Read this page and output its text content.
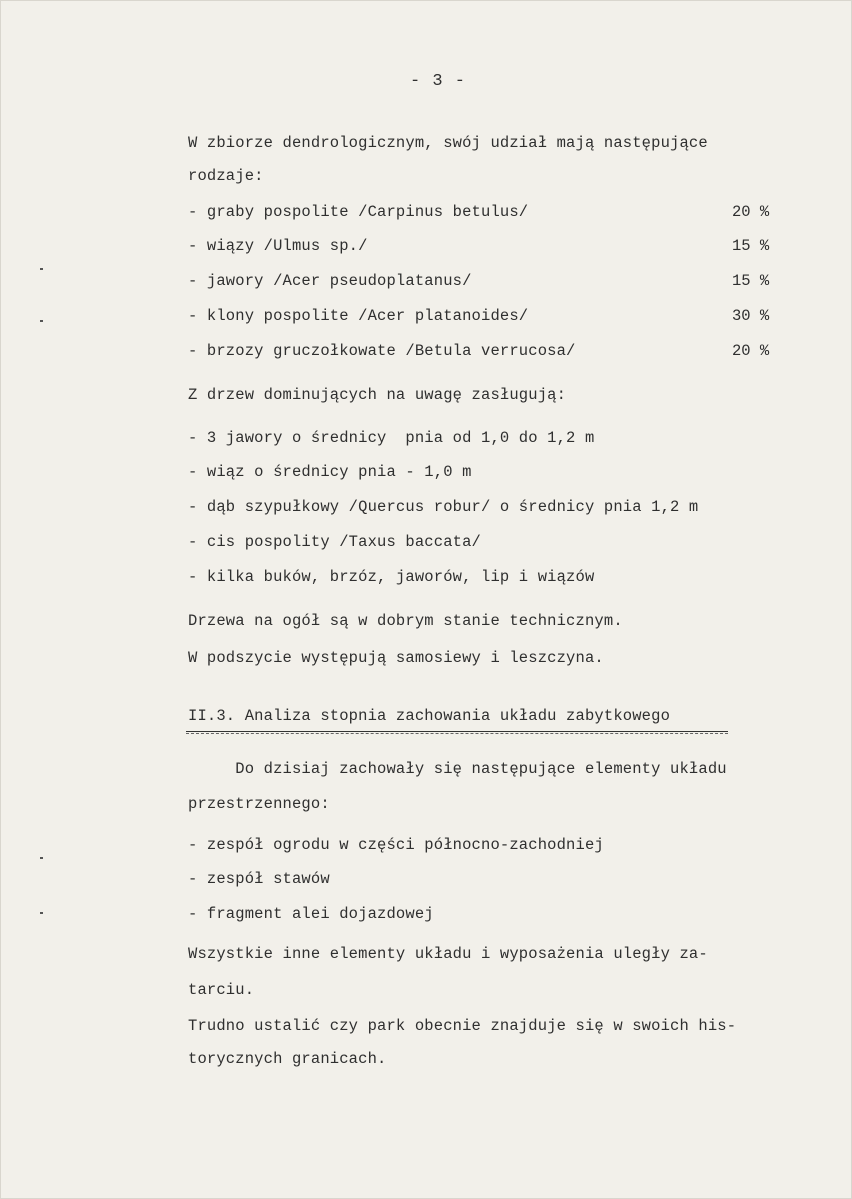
- 3 -
W zbiorze dendrologicznym, swój udział mają następujące
rodzaje:
- graby pospolite /Carpinus betulus/	20 %
- wiązy /Ulmus sp./	15 %
- jawory /Acer pseudoplatanus/	15 %
- klony pospolite /Acer platanoides/	30 %
- brzozy gruczołkowate /Betula verrucosa/	20 %
Z drzew dominujących na uwagę zasługują:
- 3 jawory o średnicy  pnia od 1,0 do 1,2 m
- wiąz o średnicy pnia - 1,0 m
- dąb szypułkowy /Quercus robur/ o średnicy pnia 1,2 m
- cis pospolity /Taxus baccata/
- kilka buków, brzóz, jaworów, lip i wiązów
Drzewa na ogół są w dobrym stanie technicznym.
W podszycie występują samosiewy i leszczyna.
II.3. Analiza stopnia zachowania układu zabytkowego
Do dzisiaj zachowały się następujące elementy układu
przestrzennego:
- zespół ogrodu w części północno-zachodniej
- zespół stawów
- fragment alei dojazdowej
Wszystkie inne elementy układu i wyposażenia uległy za-
tarciu.
Trudno ustalić czy park obecnie znajduje się w swoich his-
torycznych granicach.
